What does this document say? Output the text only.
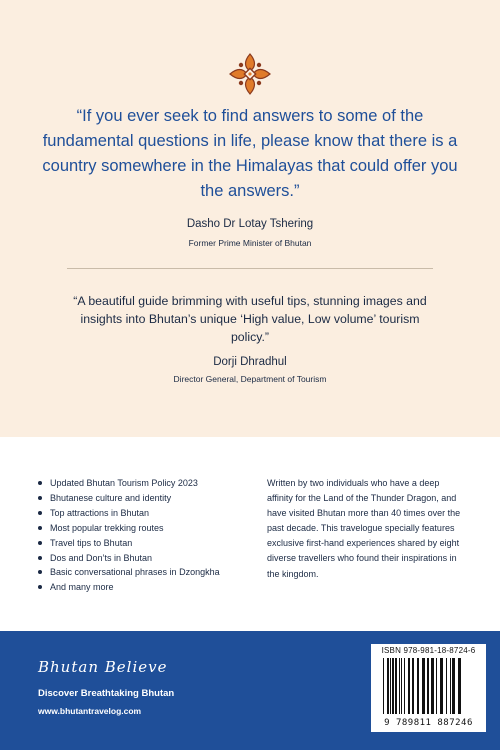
“If you ever seek to find answers to some of the fundamental questions in life, please know that there is a country somewhere in the Himalayas that could offer you the answers.”
Dasho Dr Lotay Tshering
Former Prime Minister of Bhutan
“A beautiful guide brimming with useful tips, stunning images and insights into Bhutan’s unique ‘High value, Low volume’ tourism policy.”
Dorji Dhradhul
Director General, Department of Tourism
Updated Bhutan Tourism Policy 2023
Bhutanese culture and identity
Top attractions in Bhutan
Most popular trekking routes
Travel tips to Bhutan
Dos and Don’ts in Bhutan
Basic conversational phrases in Dzongkha
And many more
Written by two individuals who have a deep affinity for the Land of the Thunder Dragon, and have visited Bhutan more than 40 times over the past decade. This travelogue specially features exclusive first-hand experiences shared by eight diverse travellers who found their inspirations in the kingdom.
Bhutan Believe
Discover Breathtaking Bhutan
www.bhutantravelog.com
ISBN 978-981-18-8724-6
9 789811 887246
